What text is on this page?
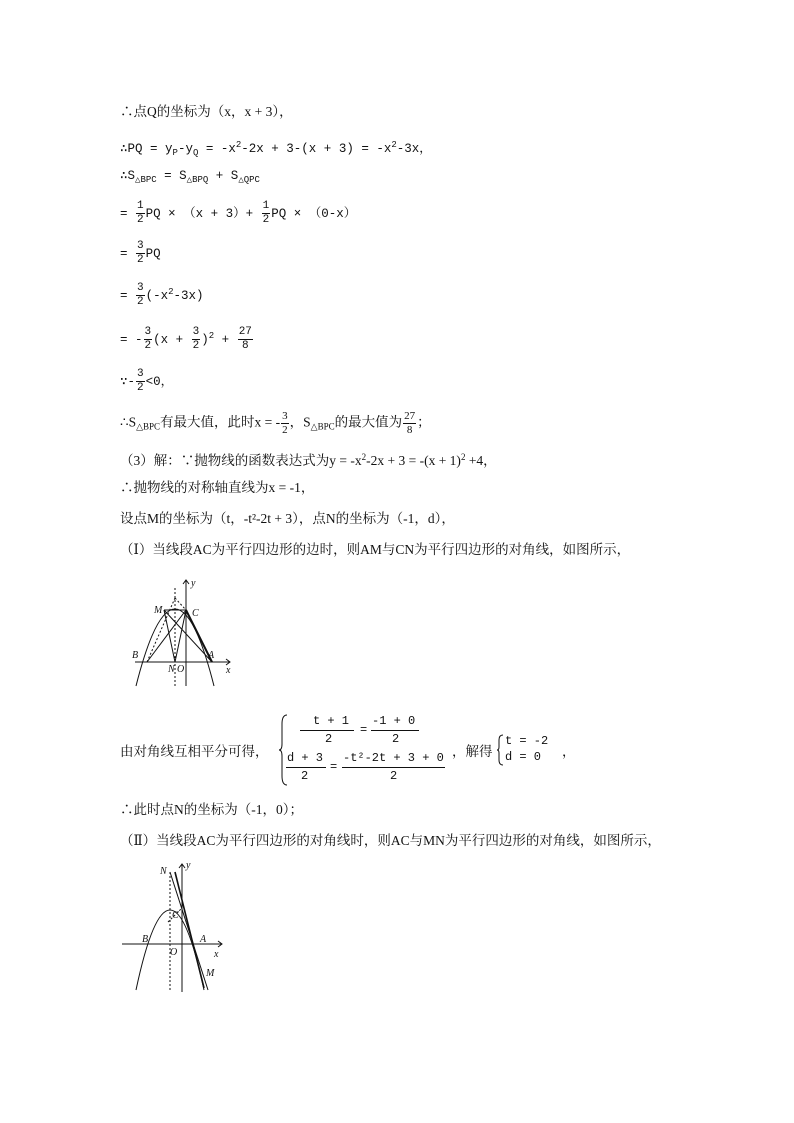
∴点Q的坐标为（x，x + 3），
∴PQ = $y_P-y_Q = -x^2-2x + 3-(x + 3) = -x^2-3x$，
$\therefore S_{\triangle BPC} = S_{\triangle BPQ} + S_{\triangle QPC}$
= $\frac{1}{2}$ PQ × $(x + 3)+ \frac{1}{2}$ PQ × （0-x）
= $\frac{3}{2}$ PQ
= $\frac{3}{2} (-x^2-3x)$
= - $\frac{3}{2} (x + \frac{3}{2} )^2 + \frac{27}{8}$
∵- $\frac{3}{2} <0$，
$\therefore S_{\triangle BPC}$有最大值，此时x = - $\frac{3}{2}$ ，$S_{\triangle BPC}$的最大值为 $\frac{27}{8}$ ；
（3）解：∵抛物线的函数表达式为$y = -x^2-2x + 3 = -(x + 1)^2 +4$，
∴抛物线的对称轴直线为x = -1，
设点M的坐标为（t，-t²-2t + 3），点N的坐标为（-1，d），
（Ⅰ）当线段AC为平行四边形的边时，则AM与CN为平行四边形的对角线，如图所示，
y
x
M	C
B
N O
A
由对角线互相平分可得，
t + 1
2
=
-1 + 0
2
d + 3
2
=
-t²-2t + 3 + 0
2
，解得
t = -2
d = 0 ，
∴此时点N的坐标为（-1，0）；
（Ⅱ）当线段AC为平行四边形的对角线时，则AC与MN为平行四边形的对角线，如图所示，
y
x
N
C
B
O
A
M
